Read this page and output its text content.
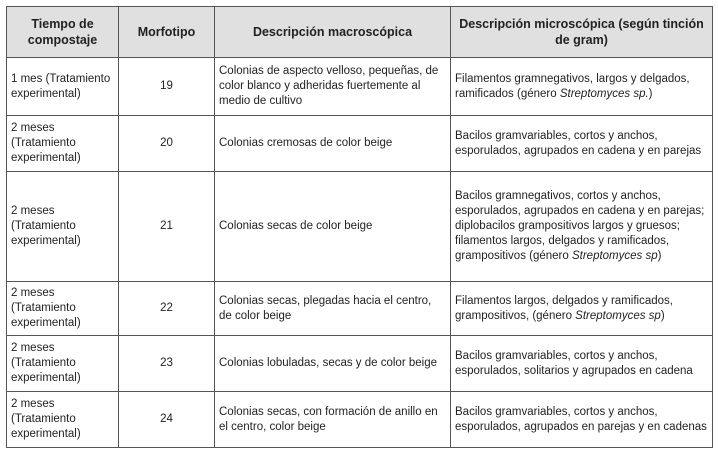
Tiempo de compostaje	Morfotipo	Descripción macroscópica	Descripción microscópica (según tinción de gram)
1 mes (Tratamiento experimental)	19	Colonias de aspecto velloso, pequeñas, de color blanco y adheridas fuertemente al medio de cultivo	Filamentos gramnegativos, largos y delgados, ramificados (género Streptomyces sp.)
2 meses (Tratamiento experimental)	20	Colonias cremosas de color beige	Bacilos gramvariables, cortos y anchos, esporulados, agrupados en cadena y en parejas
2 meses (Tratamiento experimental)	21	Colonias secas de color beige	Bacilos gramnegativos, cortos y anchos, esporulados, agrupados en cadena y en parejas; diplobacilos grampositivos largos y gruesos; filamentos largos, delgados y ramificados, grampositivos (género Streptomyces sp)
2 meses (Tratamiento experimental)	22	Colonias secas, plegadas hacia el centro, de color beige	Filamentos largos, delgados y ramificados, grampositivos, (género Streptomyces sp)
2 meses (Tratamiento experimental)	23	Colonias lobuladas, secas y de color beige	Bacilos gramvariables, cortos y anchos, esporulados, solitarios y agrupados en cadena
2 meses (Tratamiento experimental)	24	Colonias secas, con formación de anillo en el centro, color beige	Bacilos gramvariables, cortos y anchos, esporulados, agrupados en parejas y en cadenas
